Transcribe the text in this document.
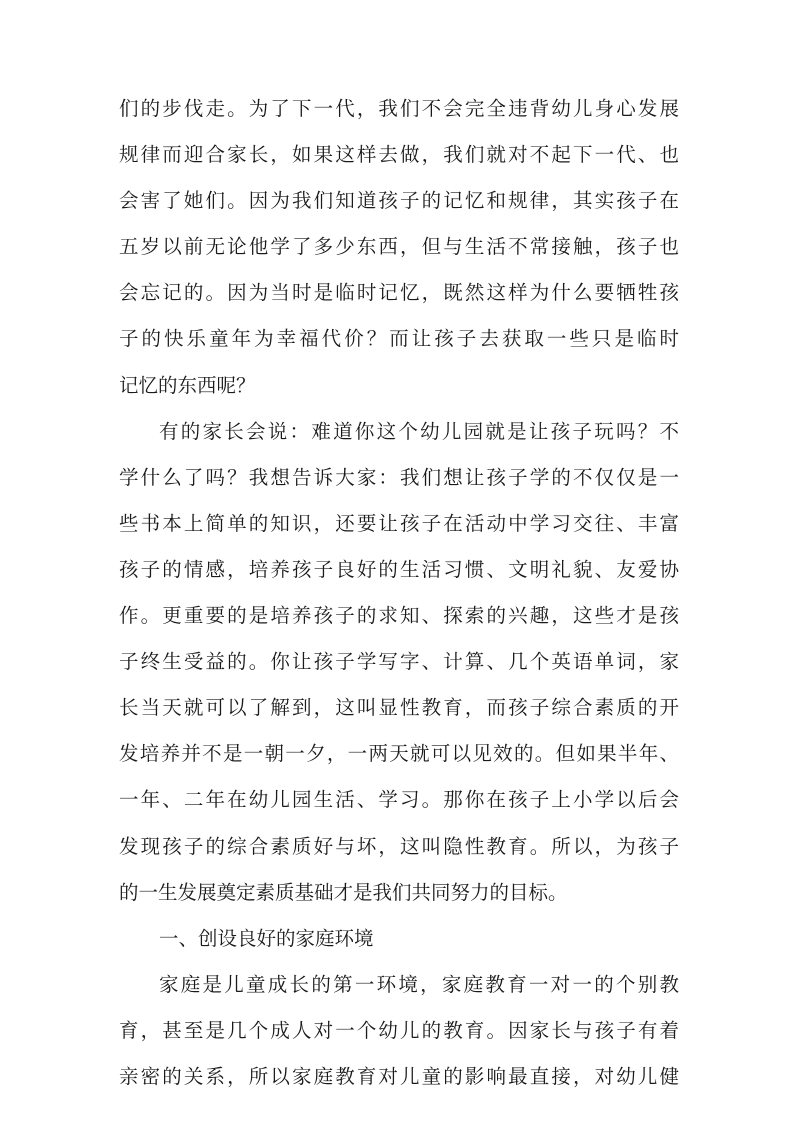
们的步伐走。为了下一代，我们不会完全违背幼儿身心发展
规律而迎合家长，如果这样去做，我们就对不起下一代、也
会害了她们。因为我们知道孩子的记忆和规律，其实孩子在
五岁以前无论他学了多少东西，但与生活不常接触，孩子也
会忘记的。因为当时是临时记忆，既然这样为什么要牺牲孩
子的快乐童年为幸福代价？而让孩子去获取一些只是临时
记忆的东西呢？
有的家长会说：难道你这个幼儿园就是让孩子玩吗？不
学什么了吗？我想告诉大家：我们想让孩子学的不仅仅是一
些书本上简单的知识，还要让孩子在活动中学习交往、丰富
孩子的情感，培养孩子良好的生活习惯、文明礼貌、友爱协
作。更重要的是培养孩子的求知、探索的兴趣，这些才是孩
子终生受益的。你让孩子学写字、计算、几个英语单词，家
长当天就可以了解到，这叫显性教育，而孩子综合素质的开
发培养并不是一朝一夕，一两天就可以见效的。但如果半年、
一年、二年在幼儿园生活、学习。那你在孩子上小学以后会
发现孩子的综合素质好与坏，这叫隐性教育。所以，为孩子
的一生发展奠定素质基础才是我们共同努力的目标。
一、创设良好的家庭环境
家庭是儿童成长的第一环境，家庭教育一对一的个别教
育，甚至是几个成人对一个幼儿的教育。因家长与孩子有着
亲密的关系，所以家庭教育对儿童的影响最直接，对幼儿健
